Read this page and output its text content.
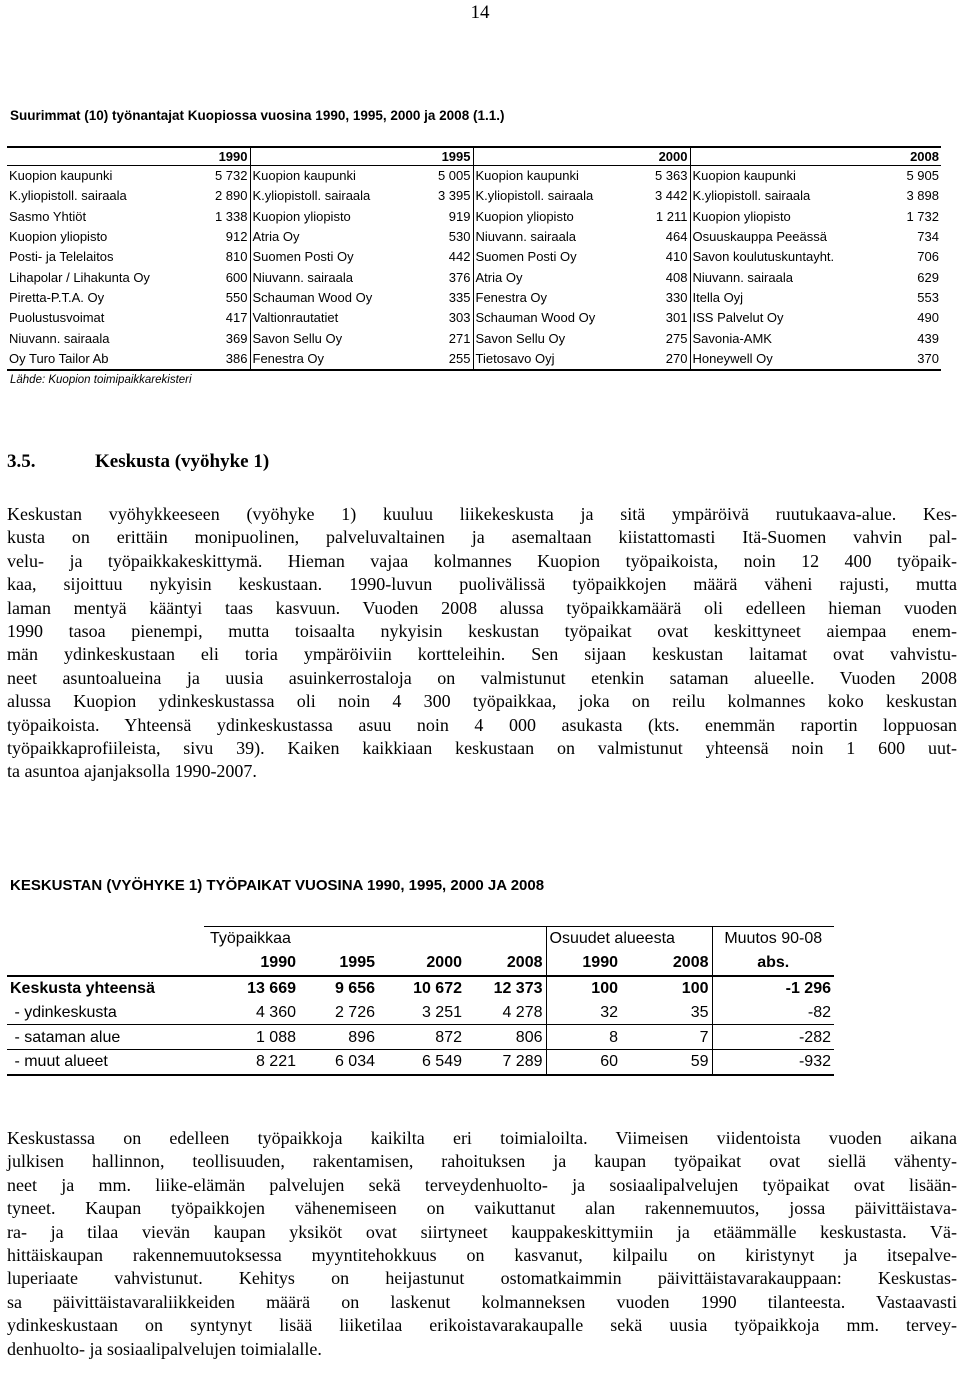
14
Suurimmat (10) työnantajat Kuopiossa vuosina 1990, 1995, 2000 ja 2008 (1.1.)
	1990		1995		2000		2008
Kuopion kaupunki	5 732	Kuopion kaupunki	5 005	Kuopion kaupunki	5 363	Kuopion kaupunki	5 905
K.yliopistoll. sairaala	2 890	K.yliopistoll. sairaala	3 395	K.yliopistoll. sairaala	3 442	K.yliopistoll. sairaala	3 898
Sasmo Yhtiöt	1 338	Kuopion yliopisto	919	Kuopion yliopisto	1 211	Kuopion yliopisto	1 732
Kuopion yliopisto	912	Atria Oy	530	Niuvann. sairaala	464	Osuuskauppa Peeässä	734
Posti- ja Telelaitos	810	Suomen Posti Oy	442	Suomen Posti Oy	410	Savon koulutuskuntayht.	706
Lihapolar / Lihakunta Oy	600	Niuvann. sairaala	376	Atria Oy	408	Niuvann. sairaala	629
Piretta-P.T.A. Oy	550	Schauman Wood Oy	335	Fenestra Oy	330	Itella Oyj	553
Puolustusvoimat	417	Valtionrautatiet	303	Schauman Wood Oy	301	ISS Palvelut Oy	490
Niuvann. sairaala	369	Savon Sellu Oy	271	Savon Sellu Oy	275	Savonia-AMK	439
Oy Turo Tailor Ab	386	Fenestra Oy	255	Tietosavo Oyj	270	Honeywell Oy	370
Lähde: Kuopion toimipaikkarekisteri
3.5.	Keskusta (vyöhyke 1)
Keskustan vyöhykkeeseen (vyöhyke 1) kuuluu liikekeskusta ja sitä ympäröivä ruutukaava-alue. Kes-
kusta on erittäin monipuolinen, palveluvaltainen ja asemaltaan kiistattomasti Itä-Suomen vahvin pal-
velu- ja työpaikkakeskittymä. Hieman vajaa kolmannes Kuopion työpaikoista, noin 12 400 työpaik-
kaa, sijoittuu nykyisin keskustaan. 1990-luvun puolivälissä työpaikkojen määrä väheni rajusti, mutta
laman mentyä kääntyi taas kasvuun. Vuoden 2008 alussa työpaikkamäärä oli edelleen hieman vuoden
1990 tasoa pienempi, mutta toisaalta nykyisin keskustan työpaikat ovat keskittyneet aiempaa enem-
män ydinkeskustaan eli toria ympäröiviin kortteleihin. Sen sijaan keskustan laitamat ovat vahvistu-
neet asuntoalueina ja uusia asuinkerrostaloja on valmistunut etenkin sataman alueelle. Vuoden 2008
alussa Kuopion ydinkeskustassa oli noin 4 300 työpaikkaa, joka on reilu kolmannes koko keskustan
työpaikoista. Yhteensä ydinkeskustassa asuu noin 4 000 asukasta (kts. enemmän raportin loppuosan
työpaikkaprofiileista, sivu 39). Kaiken kaikkiaan keskustaan on valmistunut yhteensä noin 1 600 uut-
ta asuntoa ajanjaksolla 1990-2007.
KESKUSTAN (VYÖHYKE 1) TYÖPAIKAT VUOSINA 1990, 1995, 2000 JA 2008
	Työpaikkaa				Osuudet alueesta		Muutos 90-08
	1990	1995	2000	2008	1990	2008	abs.
Keskusta yhteensä	13 669	9 656	10 672	12 373	100	100	-1 296
- ydinkeskusta	4 360	2 726	3 251	4 278	32	35	-82
- sataman alue	1 088	896	872	806	8	7	-282
- muut alueet	8 221	6 034	6 549	7 289	60	59	-932
Keskustassa on edelleen työpaikkoja kaikilta eri toimialoilta. Viimeisen viidentoista vuoden aikana
julkisen hallinnon, teollisuuden, rakentamisen, rahoituksen ja kaupan työpaikat ovat siellä vähenty-
neet ja mm. liike-elämän palvelujen sekä terveydenhuolto- ja sosiaalipalvelujen työpaikat ovat lisään-
tyneet. Kaupan työpaikkojen vähenemiseen on vaikuttanut alan rakennemuutos, jossa päivittäistava-
ra- ja tilaa vievän kaupan yksiköt ovat siirtyneet kauppakeskittymiin ja etäämmälle keskustasta. Vä-
hittäiskaupan rakennemuutoksessa myyntitehokkuus on kasvanut, kilpailu on kiristynyt ja itsepalve-
luperiaate vahvistunut. Kehitys on heijastunut ostomatkaimmin päivittäistavarakauppaan: Keskustas-
sa päivittäistavaraliikkeiden määrä on laskenut kolmanneksen vuoden 1990 tilanteesta. Vastaavasti
ydinkeskustaan on syntynyt lisää liiketilaa erikoistavarakaupalle sekä uusia työpaikkoja mm. tervey-
denhuolto- ja sosiaalipalvelujen toimialalle.
